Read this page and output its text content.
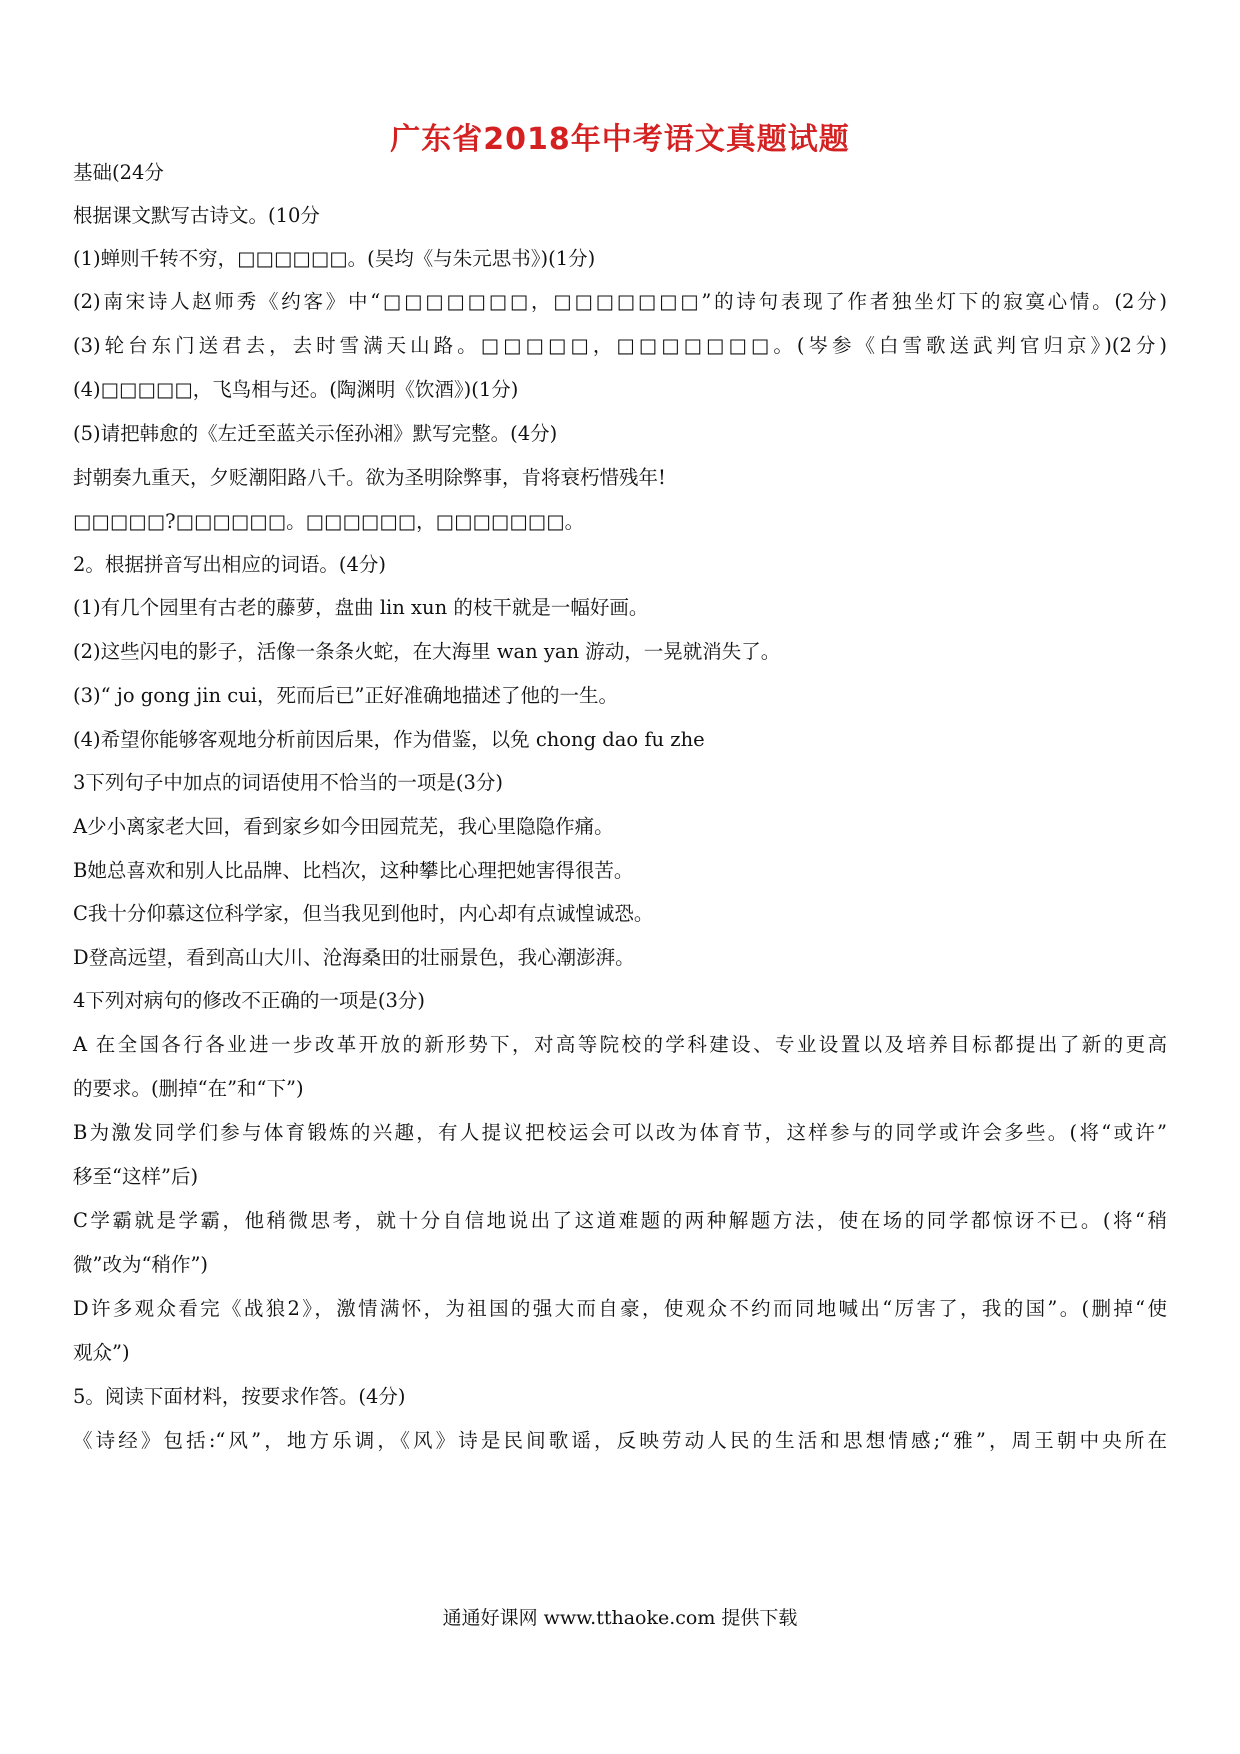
广东省2018年中考语文真题试题
基础(24分
根据课文默写古诗文。(10分
(1)蝉则千转不穷，□□□□□□。(吴均《与朱元思书》)(1分)
(2)南宋诗人赵师秀《约客》中“□□□□□□□，□□□□□□□”的诗句表现了作者独坐灯下的寂寞心情。(2分)
(3)轮台东门送君去，去时雪满天山路。□□□□□，□□□□□□□。(岑参《白雪歌送武判官归京》)(2分)
(4)□□□□□，飞鸟相与还。(陶渊明《饮酒》)(1分)
(5)请把韩愈的《左迁至蓝关示侄孙湘》默写完整。(4分)
封朝奏九重天，夕贬潮阳路八千。欲为圣明除弊事，肯将衰朽惜残年!
□□□□□?□□□□□□。□□□□□□，□□□□□□□。
2。根据拼音写出相应的词语。(4分)
(1)有几个园里有古老的藤萝，盘曲 lin xun 的枝干就是一幅好画。
(2)这些闪电的影子，活像一条条火蛇，在大海里 wan yan 游动，一晃就消失了。
(3)“ jo gong jin cui，死而后已”正好准确地描述了他的一生。
(4)希望你能够客观地分析前因后果，作为借鉴，以免 chong dao fu zhe
3下列句子中加点的词语使用不恰当的一项是(3分)
A少小离家老大回，看到家乡如今田园荒芜，我心里隐隐作痛。
B她总喜欢和别人比品牌、比档次，这种攀比心理把她害得很苦。
C我十分仰慕这位科学家，但当我见到他时，内心却有点诚惶诚恐。
D登高远望，看到高山大川、沧海桑田的壮丽景色，我心潮澎湃。
4下列对病句的修改不正确的一项是(3分)
A 在全国各行各业进一步改革开放的新形势下，对高等院校的学科建设、专业设置以及培养目标都提出了新的更高
的要求。(删掉“在”和“下”)
B为激发同学们参与体育锻炼的兴趣，有人提议把校运会可以改为体育节，这样参与的同学或许会多些。(将“或许”
移至“这样”后)
C学霸就是学霸，他稍微思考，就十分自信地说出了这道难题的两种解题方法，使在场的同学都惊讶不已。(将“稍
微”改为“稍作”)
D许多观众看完《战狼2》，激情满怀，为祖国的强大而自豪，使观众不约而同地喊出“厉害了，我的国”。(删掉“使
观众”)
5。阅读下面材料，按要求作答。(4分)
《诗经》包括:“风”，地方乐调，《风》诗是民间歌谣，反映劳动人民的生活和思想情感;“雅”，周王朝中央所在
通通好课网 www.tthaoke.com 提供下载
